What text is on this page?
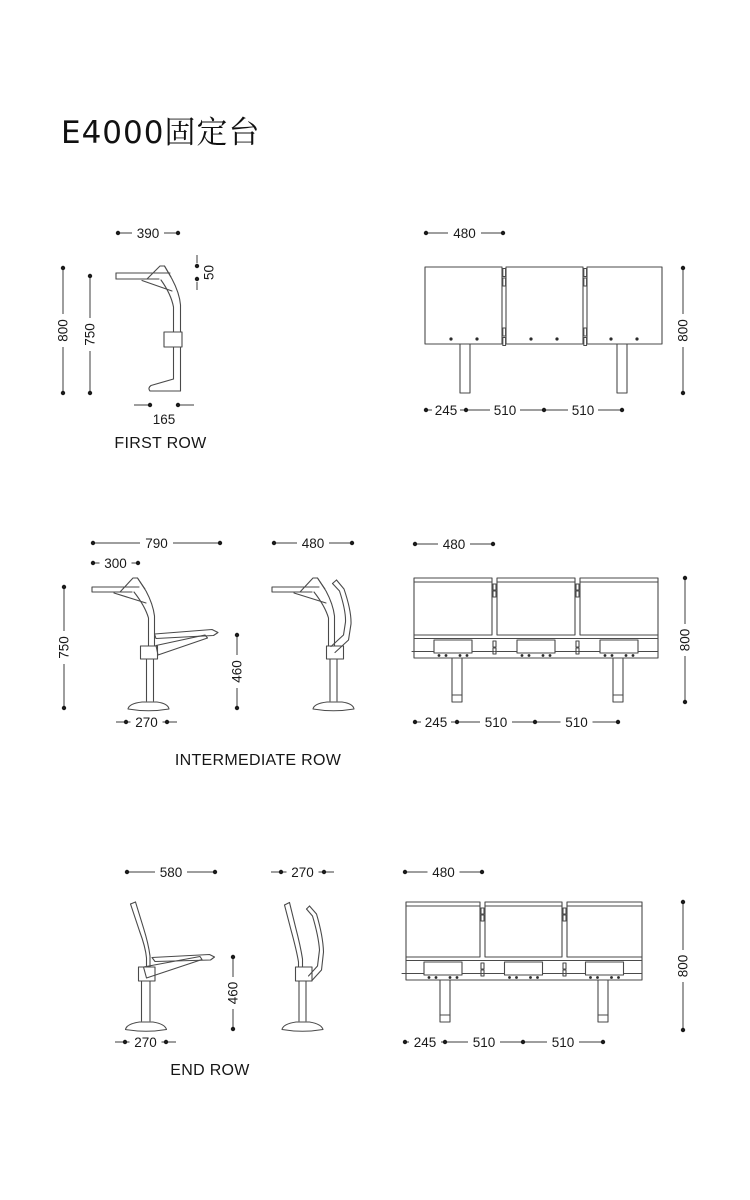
E4000固定台
FIRST ROW
INTERMEDIATE ROW
END ROW
390
800 750
50
165
480
800
245	510	510
790
300
750
460
270
480	480
800
245	510	510
580
460
270
270	480
800
245	510	510
